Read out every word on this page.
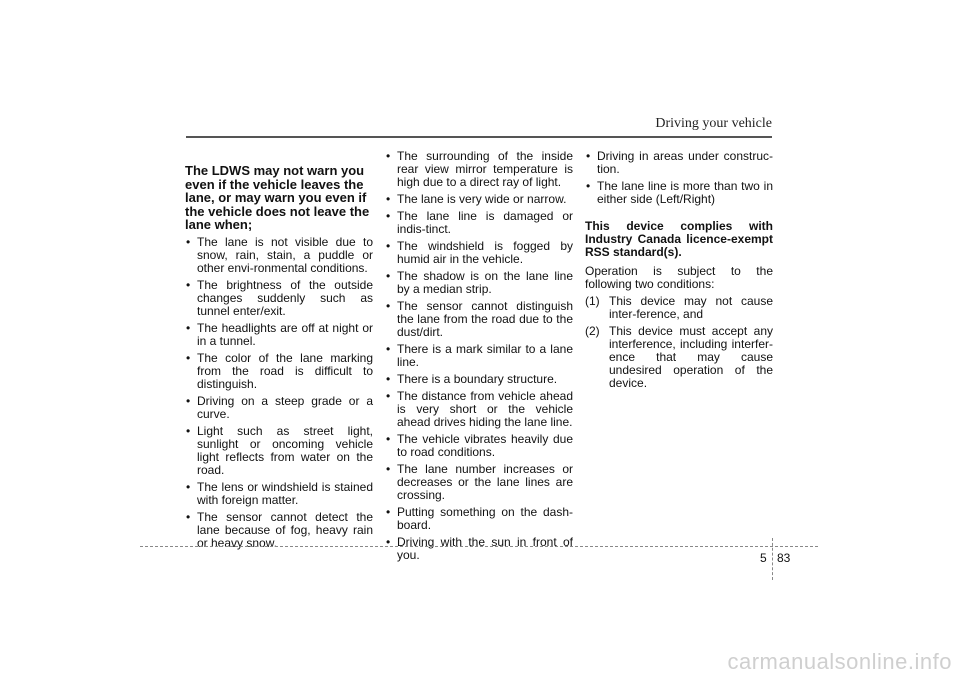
Driving your vehicle
The LDWS may not warn you even if the vehicle leaves the lane, or may warn you even if the vehicle does not leave the lane when;
• The lane is not visible due to snow, rain, stain, a puddle or other envi-ronmental conditions.
• The brightness of the outside changes suddenly such as tunnel enter/exit.
• The headlights are off at night or in a tunnel.
• The color of the lane marking from the road is difficult to distinguish.
• Driving on a steep grade or a curve.
• Light such as street light, sunlight or oncoming vehicle light reflects from water on the road.
• The lens or windshield is stained with foreign matter.
• The sensor cannot detect the lane because of fog, heavy rain or heavy snow.
• The surrounding of the inside rear view mirror temperature is high due to a direct ray of light.
• The lane is very wide or narrow.
• The lane line is damaged or indis-tinct.
• The windshield is fogged by humid air in the vehicle.
• The shadow is on the lane line by a median strip.
• The sensor cannot distinguish the lane from the road due to the dust/dirt.
• There is a mark similar to a lane line.
• There is a boundary structure.
• The distance from vehicle ahead is very short or the vehicle ahead drives hiding the lane line.
• The vehicle vibrates heavily due to road conditions.
• The lane number increases or decreases or the lane lines are crossing.
• Putting something on the dash-board.
• Driving with the sun in front of you.
• Driving in areas under construc-tion.
• The lane line is more than two in either side (Left/Right)

This device complies with Industry Canada licence-exempt RSS standard(s).

Operation is subject to the following two conditions:

(1) This device may not cause inter-ference, and
(2) This device must accept any interference, including interfer-ence that may cause undesired operation of the device.
5 83
carmanualsonline.info
